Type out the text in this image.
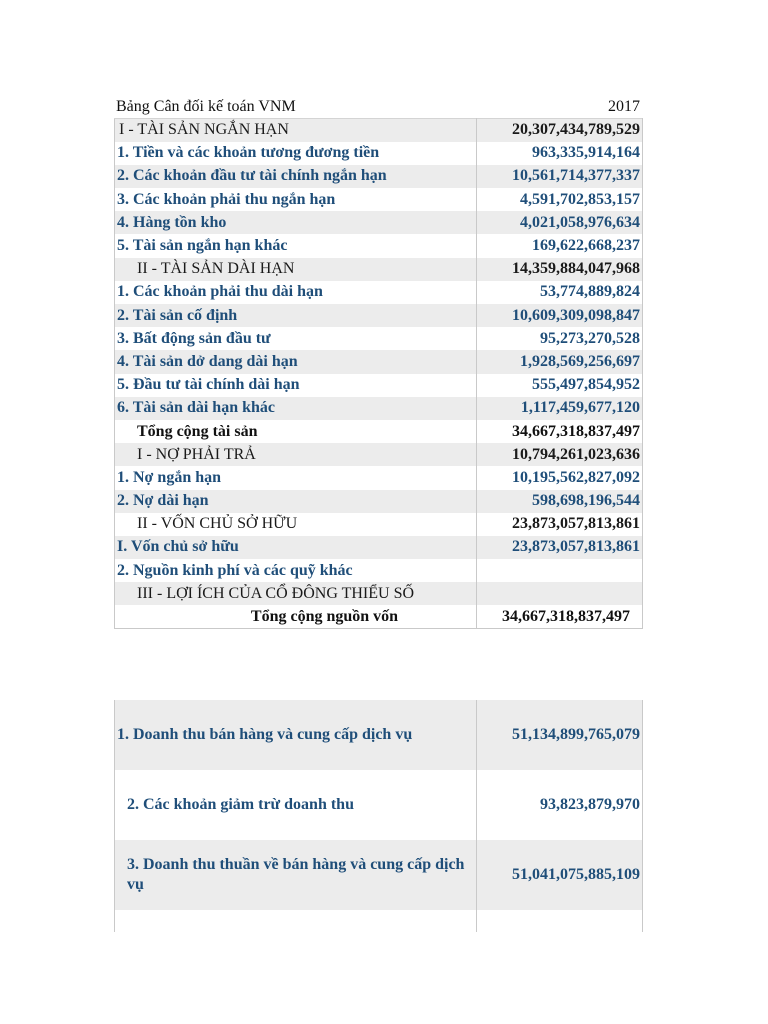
Bảng Cân đối kế toán VNM	2017
I - TÀI SẢN NGẮN HẠN	20,307,434,789,529
1. Tiền và các khoản tương đương tiền	963,335,914,164
2. Các khoản đầu tư tài chính ngắn hạn	10,561,714,377,337
3. Các khoản phải thu ngắn hạn	4,591,702,853,157
4. Hàng tồn kho	4,021,058,976,634
5. Tài sản ngắn hạn khác	169,622,668,237
II - TÀI SẢN DÀI HẠN	14,359,884,047,968
1. Các khoản phải thu dài hạn	53,774,889,824
2. Tài sản cố định	10,609,309,098,847
3. Bất động sản đầu tư	95,273,270,528
4. Tài sản dở dang dài hạn	1,928,569,256,697
5. Đầu tư tài chính dài hạn	555,497,854,952
6. Tài sản dài hạn khác	1,117,459,677,120
Tổng cộng tài sản	34,667,318,837,497
I - NỢ PHẢI TRẢ	10,794,261,023,636
1. Nợ ngắn hạn	10,195,562,827,092
2. Nợ dài hạn	598,698,196,544
II - VỐN CHỦ SỞ HỮU	23,873,057,813,861
I. Vốn chủ sở hữu	23,873,057,813,861
2. Nguồn kinh phí và các quỹ khác	
III - LỢI ÍCH CỦA CỔ ĐÔNG THIỂU SỐ	
Tổng cộng nguồn vốn	34,667,318,837,497
1. Doanh thu bán hàng và cung cấp dịch vụ	51,134,899,765,079
2. Các khoản giảm trừ doanh thu	93,823,879,970
3. Doanh thu thuần về bán hàng và cung cấp dịch vụ	51,041,075,885,109
